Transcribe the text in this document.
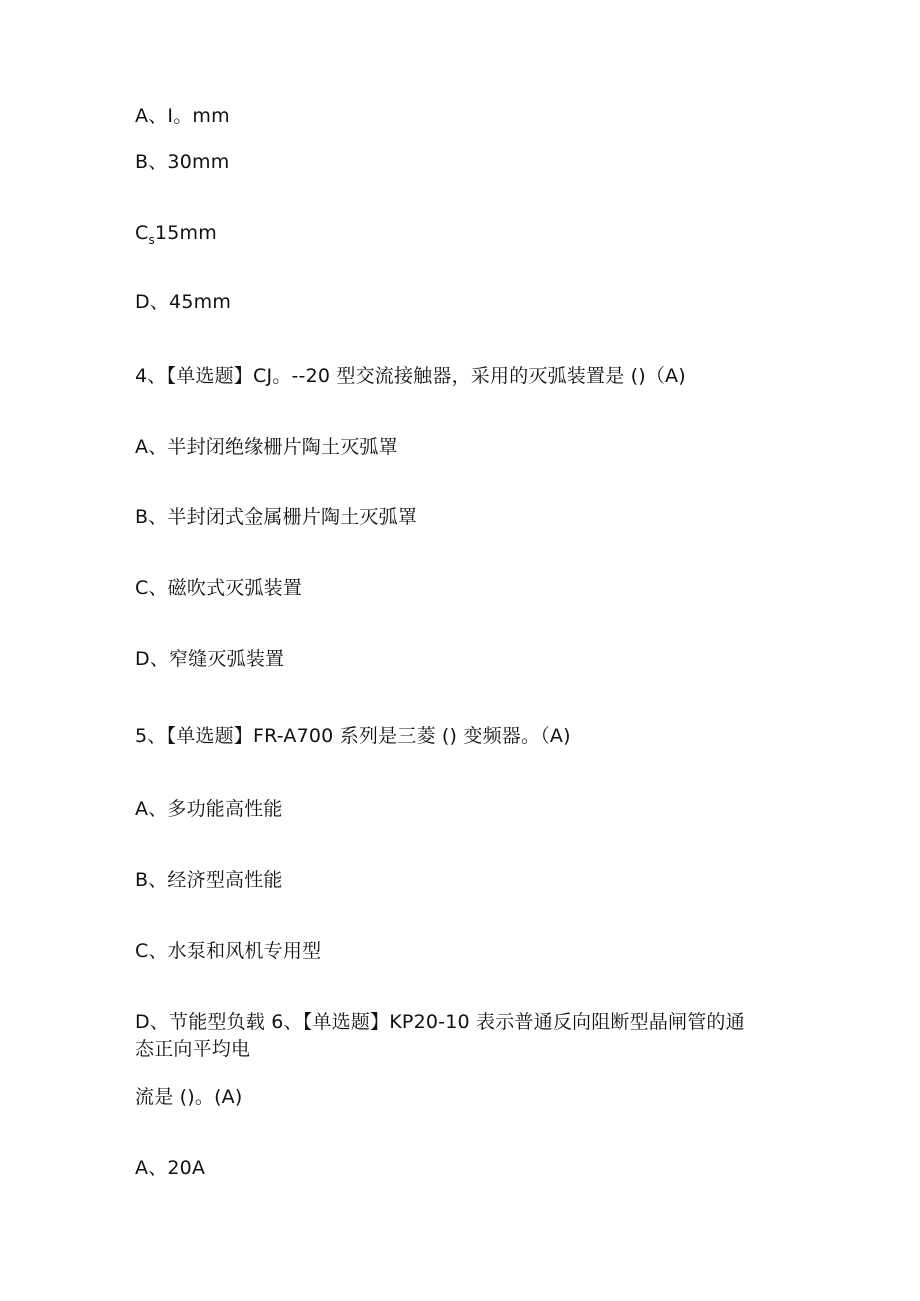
A、I。mm
B、30mm
$C_s15mm$
D、45mm
4、【单选题】CJ。--20 型交流接触器，采用的灭弧装置是 ()（A)
A、半封闭绝缘栅片陶土灭弧罩
B、半封闭式金属栅片陶土灭弧罩
C、磁吹式灭弧装置
D、窄缝灭弧装置
5、【单选题】FR-A700 系列是三菱 () 变频器。（A)
A、多功能高性能
B、经济型高性能
C、水泵和风机专用型
D、节能型负载 6、【单选题】KP20-10 表示普通反向阻断型晶闸管的通
态正向平均电
流是 ()。(A)
A、20A
